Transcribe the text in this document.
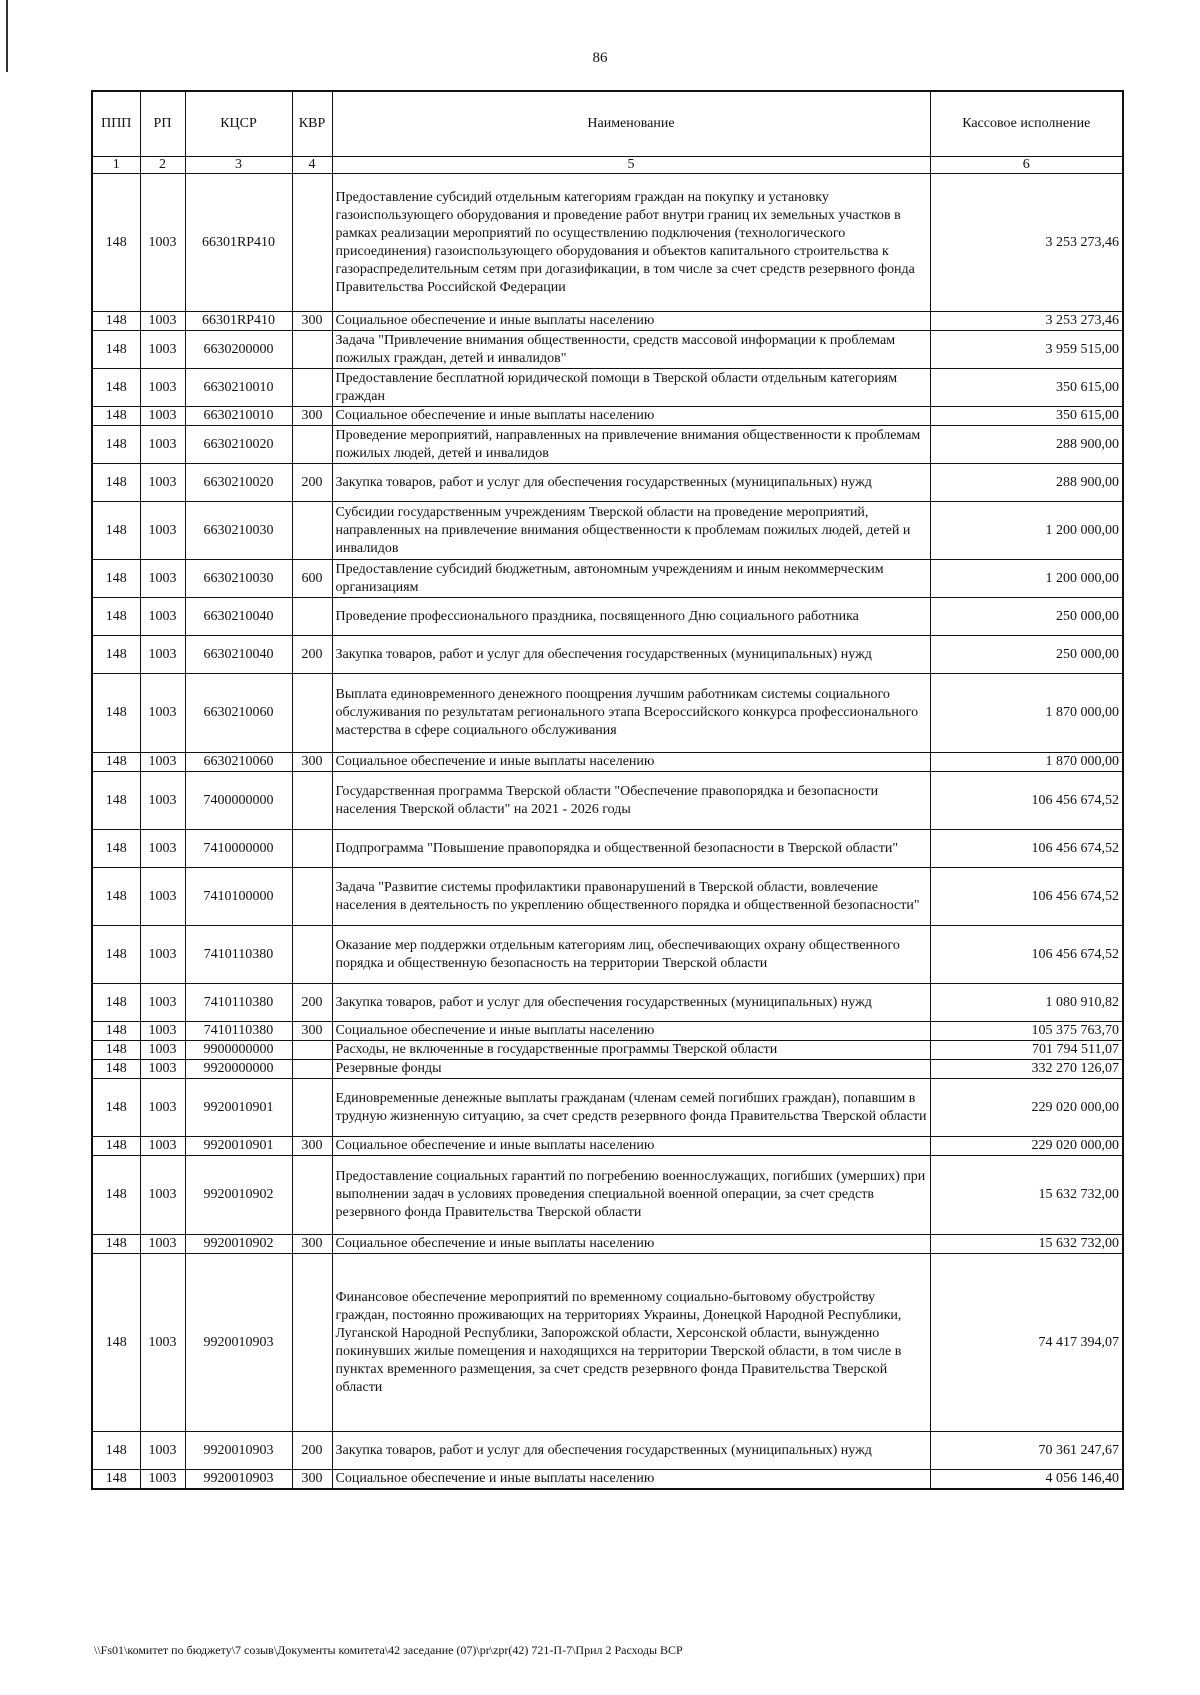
86
ППП	РП	КЦСР	КВР	Наименование	Кассовое исполнение
1	2	3	4	5	6
148	1003	66301RP410		Предоставление субсидий отдельным категориям граждан на покупку и установку газоиспользующего оборудования и проведение работ внутри границ их земельных участков в рамках реализации мероприятий по осуществлению подключения (технологического присоединения) газоиспользующего оборудования и объектов капитального строительства к газораспределительным сетям при догазификации, в том числе за счет средств резервного фонда Правительства Российской Федерации	3 253 273,46
148	1003	66301RP410	300	Социальное обеспечение и иные выплаты населению	3 253 273,46
148	1003	6630200000		Задача "Привлечение внимания общественности, средств массовой информации к проблемам пожилых граждан, детей и инвалидов"	3 959 515,00
148	1003	6630210010		Предоставление бесплатной юридической помощи в Тверской области отдельным категориям граждан	350 615,00
148	1003	6630210010	300	Социальное обеспечение и иные выплаты населению	350 615,00
148	1003	6630210020		Проведение мероприятий, направленных на привлечение внимания общественности к проблемам пожилых людей, детей и инвалидов	288 900,00
148	1003	6630210020	200	Закупка товаров, работ и услуг для обеспечения государственных (муниципальных) нужд	288 900,00
148	1003	6630210030		Субсидии государственным учреждениям Тверской области на проведение мероприятий, направленных на привлечение внимания общественности к проблемам пожилых людей, детей и инвалидов	1 200 000,00
148	1003	6630210030	600	Предоставление субсидий бюджетным, автономным учреждениям и иным некоммерческим организациям	1 200 000,00
148	1003	6630210040		Проведение профессионального праздника, посвященного Дню социального работника	250 000,00
148	1003	6630210040	200	Закупка товаров, работ и услуг для обеспечения государственных (муниципальных) нужд	250 000,00
148	1003	6630210060		Выплата единовременного денежного поощрения лучшим работникам системы социального обслуживания по результатам регионального этапа Всероссийского конкурса профессионального мастерства в сфере социального обслуживания	1 870 000,00
148	1003	6630210060	300	Социальное обеспечение и иные выплаты населению	1 870 000,00
148	1003	7400000000		Государственная программа Тверской области "Обеспечение правопорядка и безопасности населения Тверской области" на 2021 - 2026 годы	106 456 674,52
148	1003	7410000000		Подпрограмма "Повышение правопорядка и общественной безопасности в Тверской области"	106 456 674,52
148	1003	7410100000		Задача "Развитие системы профилактики правонарушений в Тверской области, вовлечение населения в деятельность по укреплению общественного порядка и общественной безопасности"	106 456 674,52
148	1003	7410110380		Оказание мер поддержки отдельным категориям лиц, обеспечивающих охрану общественного порядка и общественную безопасность на территории Тверской области	106 456 674,52
148	1003	7410110380	200	Закупка товаров, работ и услуг для обеспечения государственных (муниципальных) нужд	1 080 910,82
148	1003	7410110380	300	Социальное обеспечение и иные выплаты населению	105 375 763,70
148	1003	9900000000		Расходы, не включенные в государственные программы Тверской области	701 794 511,07
148	1003	9920000000		Резервные фонды	332 270 126,07
148	1003	9920010901		Единовременные денежные выплаты гражданам (членам семей погибших граждан), попавшим в трудную жизненную ситуацию, за счет средств резервного фонда Правительства Тверской области	229 020 000,00
148	1003	9920010901	300	Социальное обеспечение и иные выплаты населению	229 020 000,00
148	1003	9920010902		Предоставление социальных гарантий по погребению военнослужащих, погибших (умерших) при выполнении задач в условиях проведения специальной военной операции, за счет средств резервного фонда Правительства Тверской области	15 632 732,00
148	1003	9920010902	300	Социальное обеспечение и иные выплаты населению	15 632 732,00
148	1003	9920010903		Финансовое обеспечение мероприятий по временному социально-бытовому обустройству граждан, постоянно проживающих на территориях Украины, Донецкой Народной Республики, Луганской Народной Республики, Запорожской области, Херсонской области, вынужденно покинувших жилые помещения и находящихся на территории Тверской области, в том числе в пунктах временного размещения, за счет средств резервного фонда Правительства Тверской области	74 417 394,07
148	1003	9920010903	200	Закупка товаров, работ и услуг для обеспечения государственных (муниципальных) нужд	70 361 247,67
148	1003	9920010903	300	Социальное обеспечение и иные выплаты населению	4 056 146,40
\\Fs01\комитет по бюджету\7 созыв\Документы комитета\42 заседание (07)\pr\zpr(42) 721-П-7\Прил 2 Расходы ВСР
